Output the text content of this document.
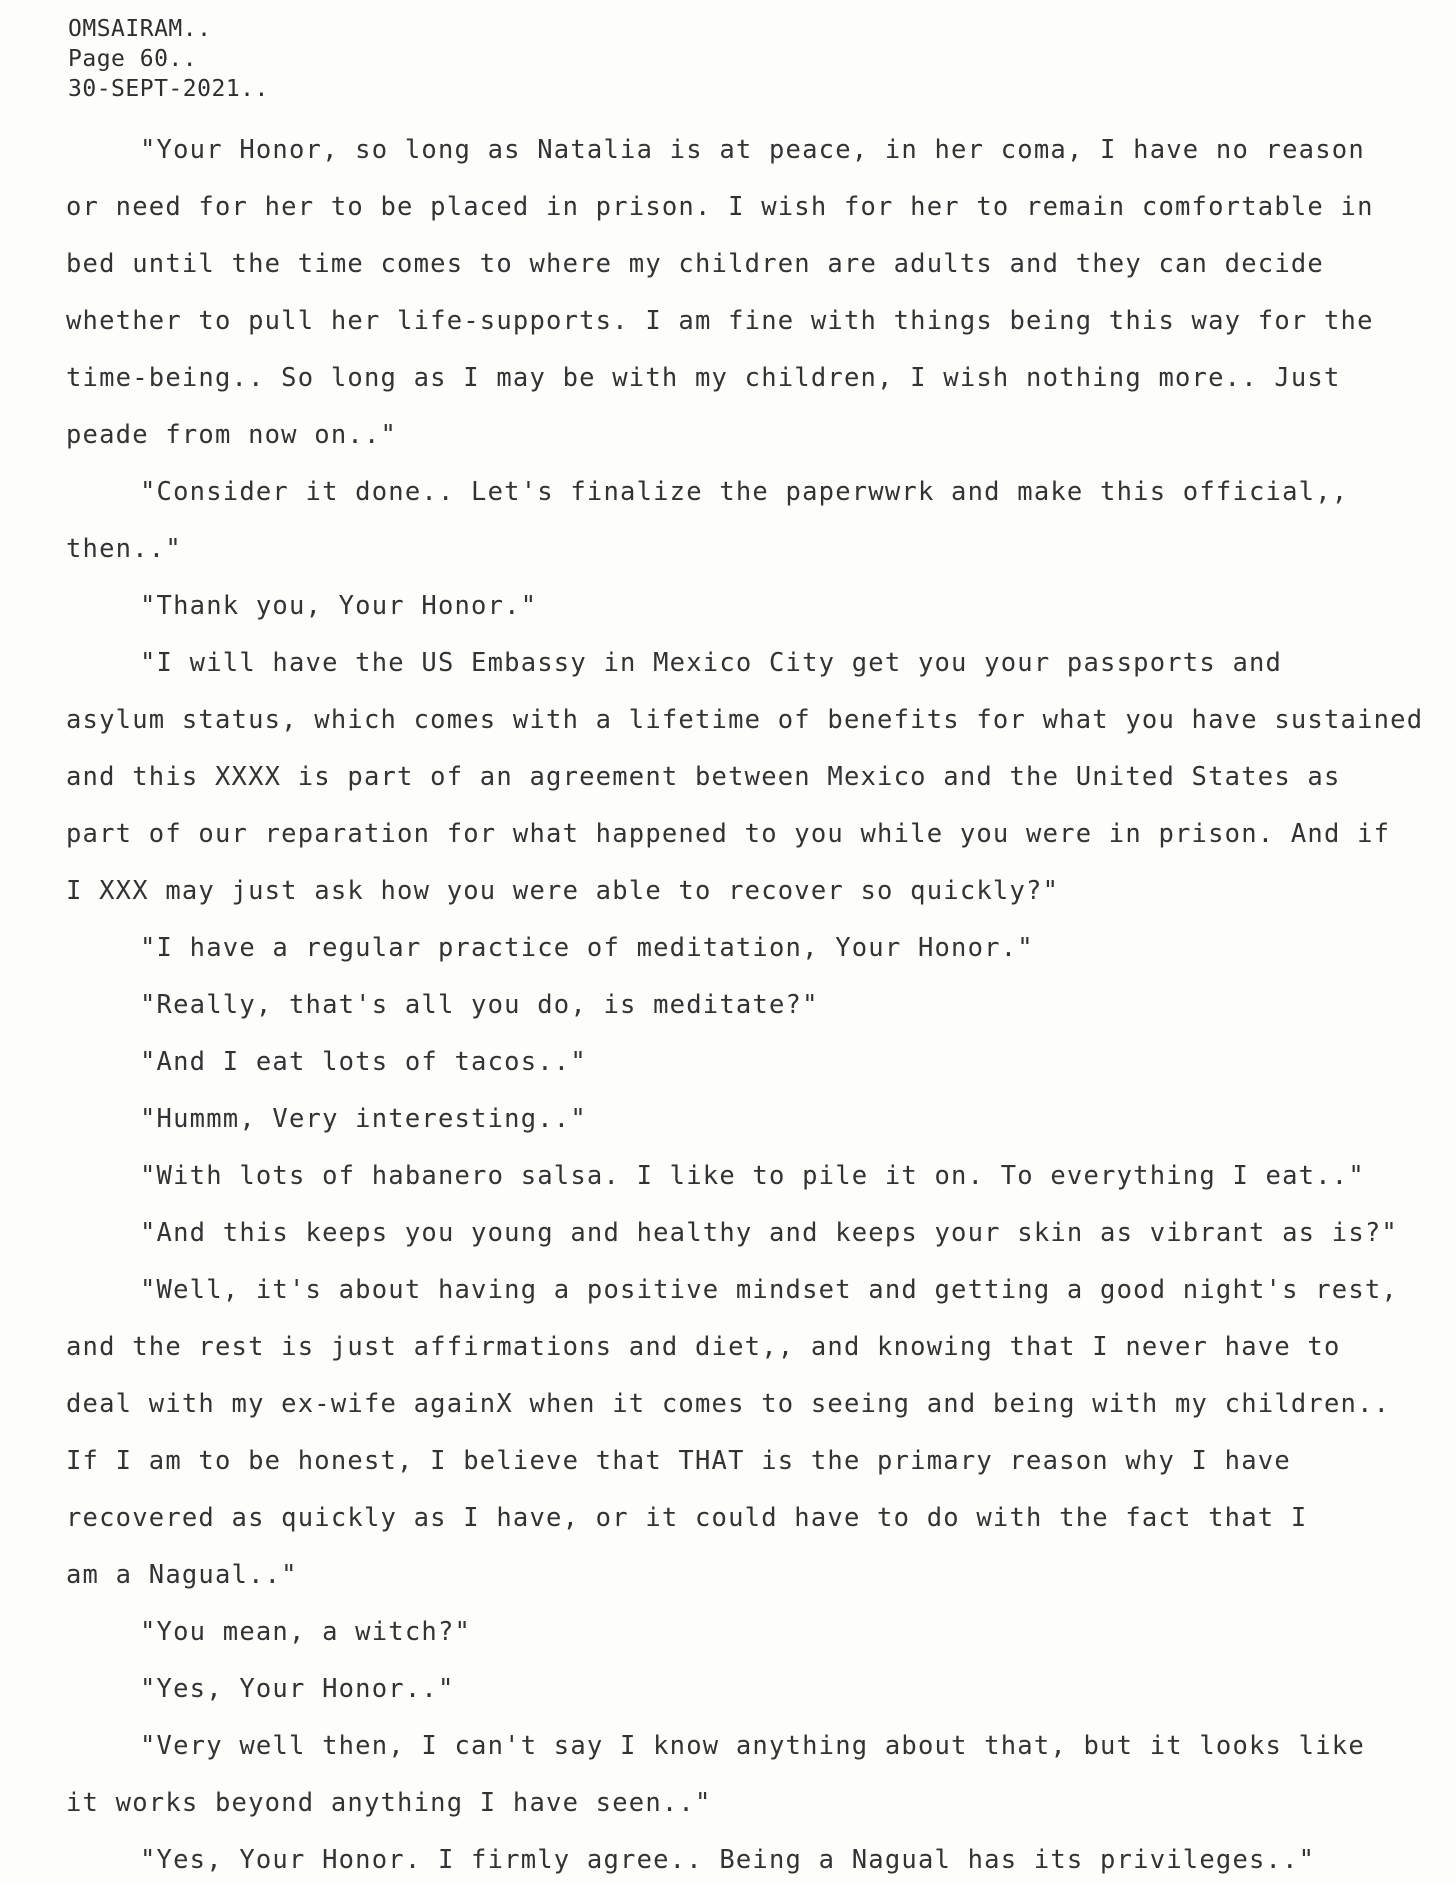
OMSAIRAM..
Page 60..
30-SEPT-2021..
"Your Honor, so long as Natalia is at peace, in her coma, I have no reason
or need for her to be placed in prison. I wish for her to remain comfortable in
bed until the time comes to where my children are adults and they can decide
whether to pull her life-supports. I am fine with things being this way for the
time-being.. So long as I may be with my children, I wish nothing more.. Just
peade from now on.."
"Consider it done.. Let's finalize the paperwwrk and make this official,,
then.."
"Thank you, Your Honor."
"I will have the US Embassy in Mexico City get you your passports and
asylum status, which comes with a lifetime of benefits for what you have sustained
and this XXXX is part of an agreement between Mexico and the United States as
part of our reparation for what happened to you while you were in prison. And if
I XXX may just ask how you were able to recover so quickly?"
"I have a regular practice of meditation, Your Honor."
"Really, that's all you do, is meditate?"
"And I eat lots of tacos.."
"Hummm, Very interesting.."
"With lots of habanero salsa. I like to pile it on. To everything I eat.."
"And this keeps you young and healthy and keeps your skin as vibrant as is?"
"Well, it's about having a positive mindset and getting a good night's rest,
and the rest is just affirmations and diet,, and knowing that I never have to
deal with my ex-wife againX when it comes to seeing and being with my children..
If I am to be honest, I believe that THAT is the primary reason why I have
recovered as quickly as I have, or it could have to do with the fact that I
am a Nagual.."
"You mean, a witch?"
"Yes, Your Honor.."
"Very well then, I can't say I know anything about that, but it looks like
it works beyond anything I have seen.."
"Yes, Your Honor. I firmly agree.. Being a Nagual has its privileges.."
